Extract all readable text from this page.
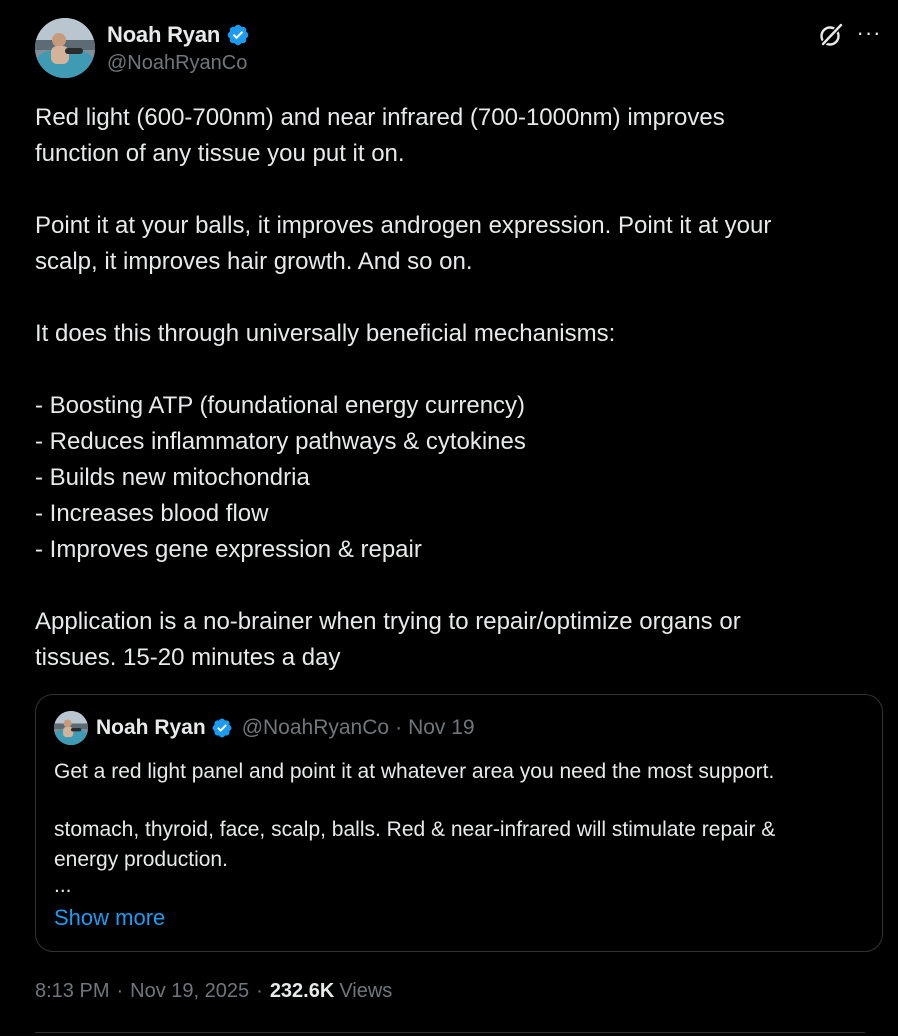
Noah Ryan
@NoahRyanCo
···

Red light (600-700nm) and near infrared (700-1000nm) improves

function of any tissue you put it on.

Point it at your balls, it improves androgen expression. Point it at your

scalp, it improves hair growth. And so on.

It does this through universally beneficial mechanisms:

- Boosting ATP (foundational energy currency)

- Reduces inflammatory pathways & cytokines

- Builds new mitochondria

- Increases blood flow

- Improves gene expression & repair

Application is a no-brainer when trying to repair/optimize organs or

tissues. 15-20 minutes a day

Noah Ryan @NoahRyanCo · Nov 19

Get a red light panel and point it at whatever area you need the most support.

stomach, thyroid, face, scalp, balls. Red & near-infrared will stimulate repair &

energy production.

...
Show more
8:13 PM · Nov 19, 2025 · 232.6K Views
